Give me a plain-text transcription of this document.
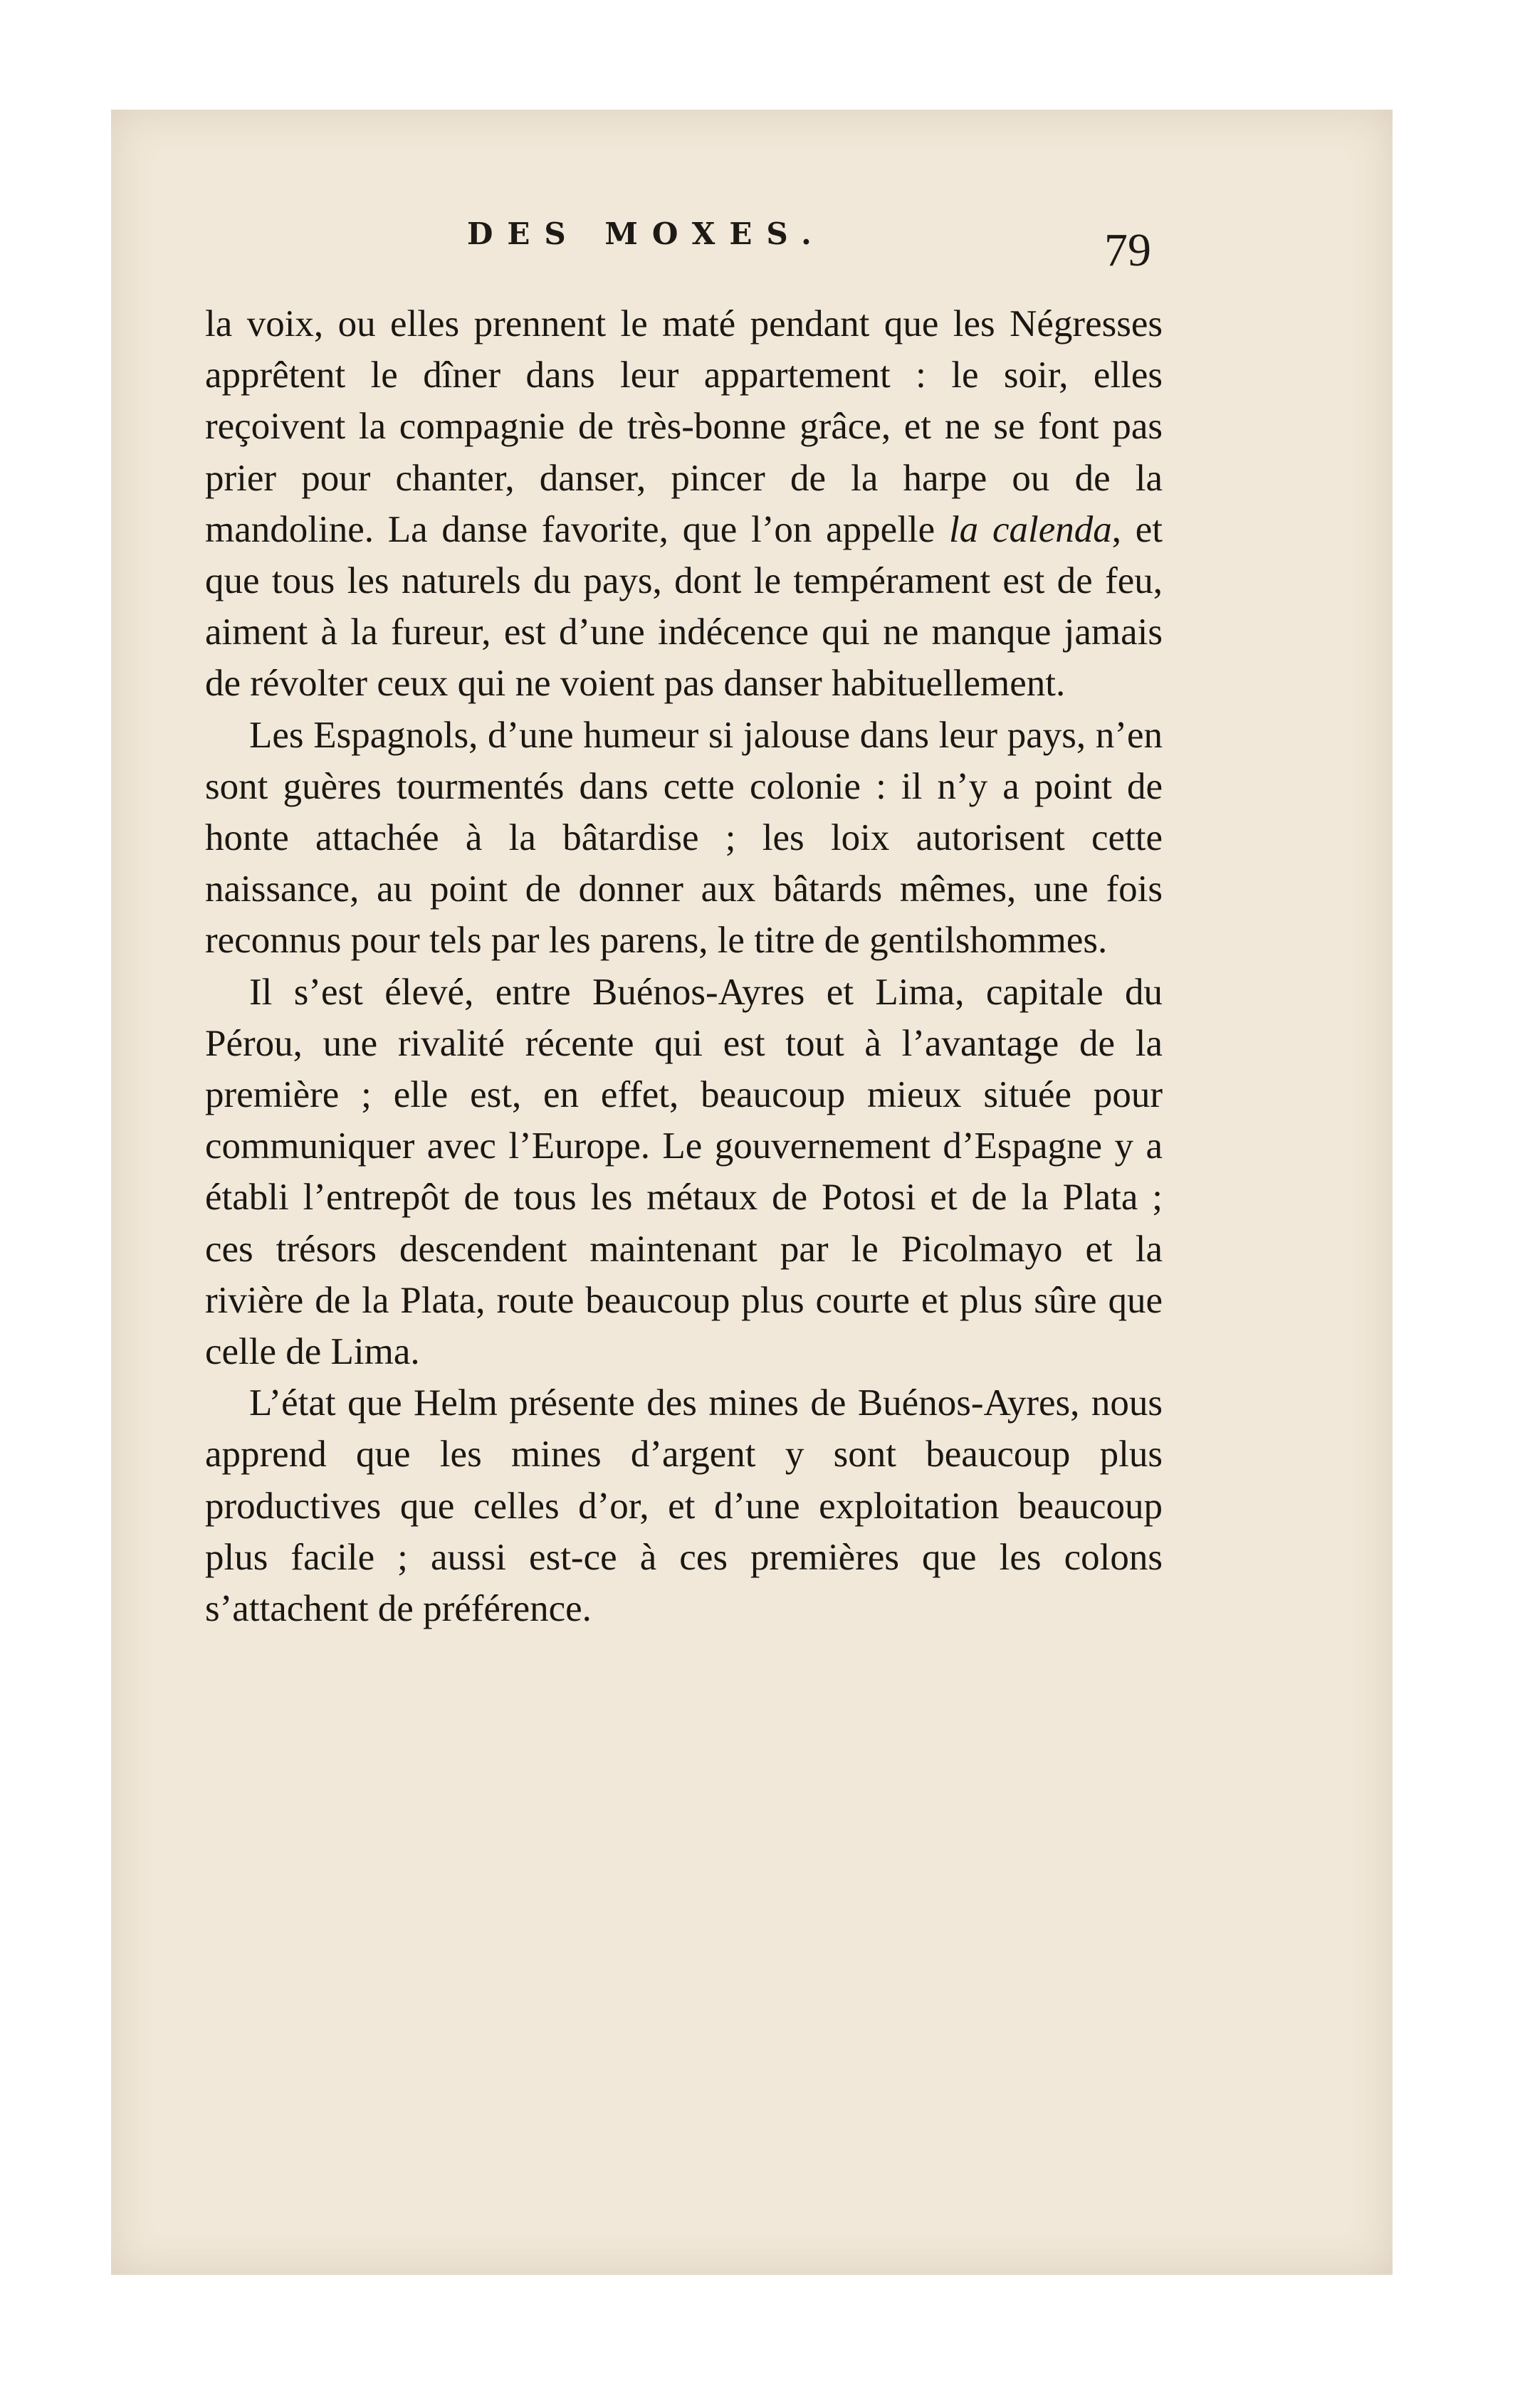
DES MOXES.	79

la voix, ou elles prennent le maté pendant que les Négresses apprêtent le dîner dans leur appartement : le soir, elles reçoivent la compagnie de très-bonne grâce, et ne se font pas prier pour chanter, danser, pincer de la harpe ou de la mandoline. La danse favorite, que l’on appelle la calenda, et que tous les naturels du pays, dont le tempérament est de feu, aiment à la fureur, est d’une indécence qui ne manque jamais de révolter ceux qui ne voient pas danser habituellement.

Les Espagnols, d’une humeur si jalouse dans leur pays, n’en sont guères tourmentés dans cette colonie : il n’y a point de honte attachée à la bâtardise ; les loix autorisent cette naissance, au point de donner aux bâtards mêmes, une fois reconnus pour tels par les parens, le titre de gentilshommes.

Il s’est élevé, entre Buénos-Ayres et Lima, capitale du Pérou, une rivalité récente qui est tout à l’avantage de la première ; elle est, en effet, beaucoup mieux située pour communiquer avec l’Europe. Le gouvernement d’Espagne y a établi l’entrepôt de tous les métaux de Potosi et de la Plata ; ces trésors descendent maintenant par le Picolmayo et la rivière de la Plata, route beaucoup plus courte et plus sûre que celle de Lima.

L’état que Helm présente des mines de Buénos-Ayres, nous apprend que les mines d’argent y sont beaucoup plus productives que celles d’or, et d’une exploitation beaucoup plus facile ; aussi est-ce à ces premières que les colons s’attachent de préférence.
